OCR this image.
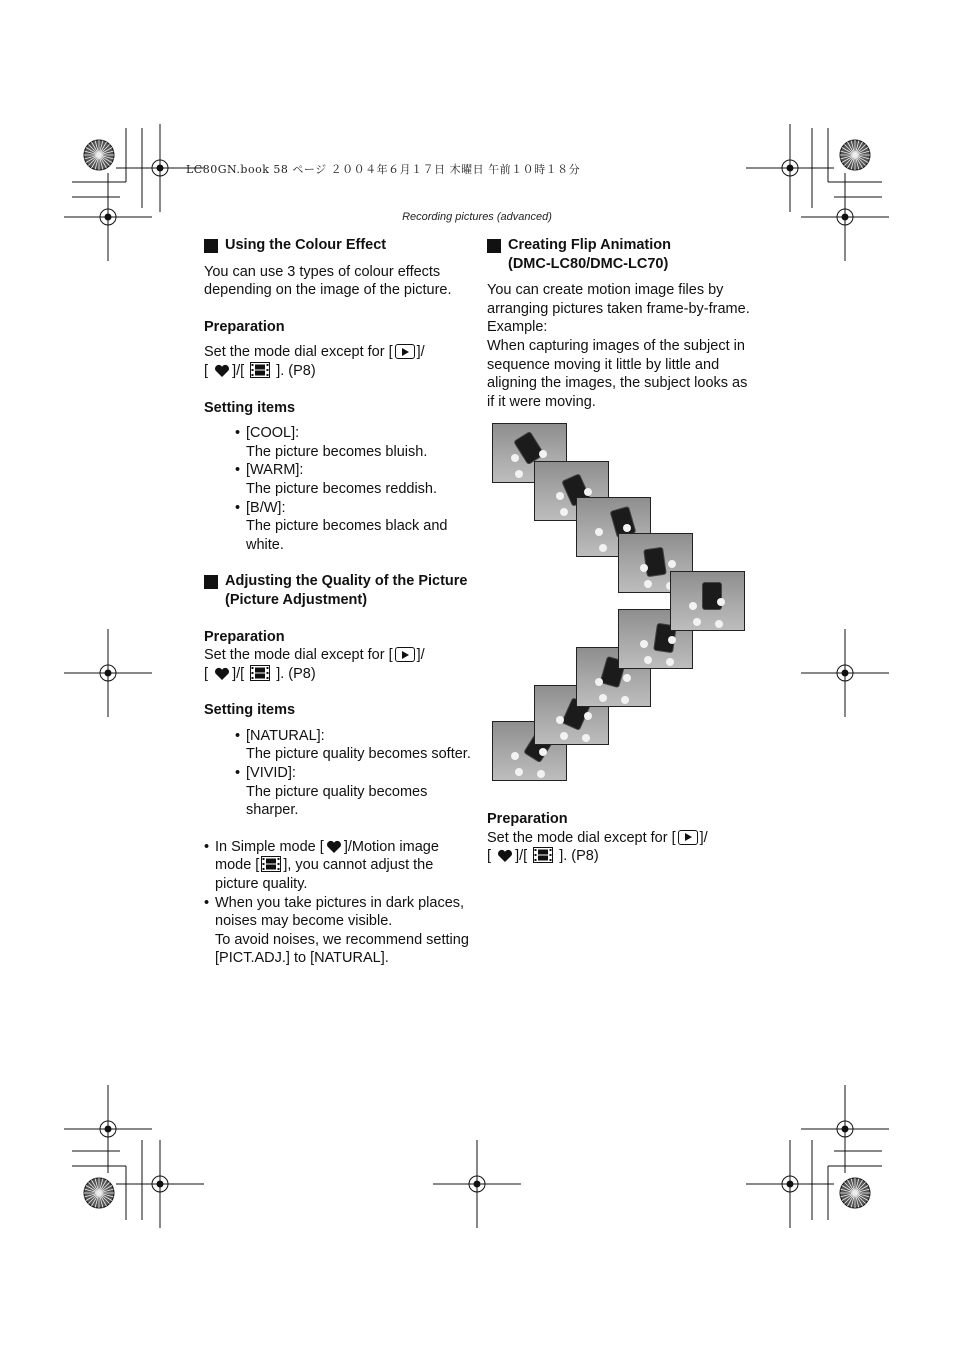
LC80GN.book 58 ページ ２００４年６月１７日 木曜日 午前１０時１８分
Recording pictures (advanced)
Using the Colour Effect

You can use 3 types of colour effects depending on the image of the picture.

Preparation

Set the mode dial except for [ ]/
[ ]/[ ]. (P8)

Setting items

• [COOL]:
The picture becomes bluish.
• [WARM]:
The picture becomes reddish.
• [B/W]:
The picture becomes black and white.
Adjusting the Quality of the Picture (Picture Adjustment)

Preparation

Set the mode dial except for [ ]/
[ ]/[ ]. (P8)

Setting items

• [NATURAL]:
The picture quality becomes softer.
• [VIVID]:
The picture quality becomes sharper.
• In Simple mode [ ]/Motion image mode [ ], you cannot adjust the picture quality.
• When you take pictures in dark places, noises may become visible.
To avoid noises, we recommend setting [PICT.ADJ.] to [NATURAL].
Creating Flip Animation
(DMC-LC80/DMC-LC70)

You can create motion image files by arranging pictures taken frame-by-frame.

Example:

When capturing images of the subject in sequence moving it little by little and aligning the images, the subject looks as if it were moving.

Preparation

Set the mode dial except for [ ]/
[ ]/[ ]. (P8)
